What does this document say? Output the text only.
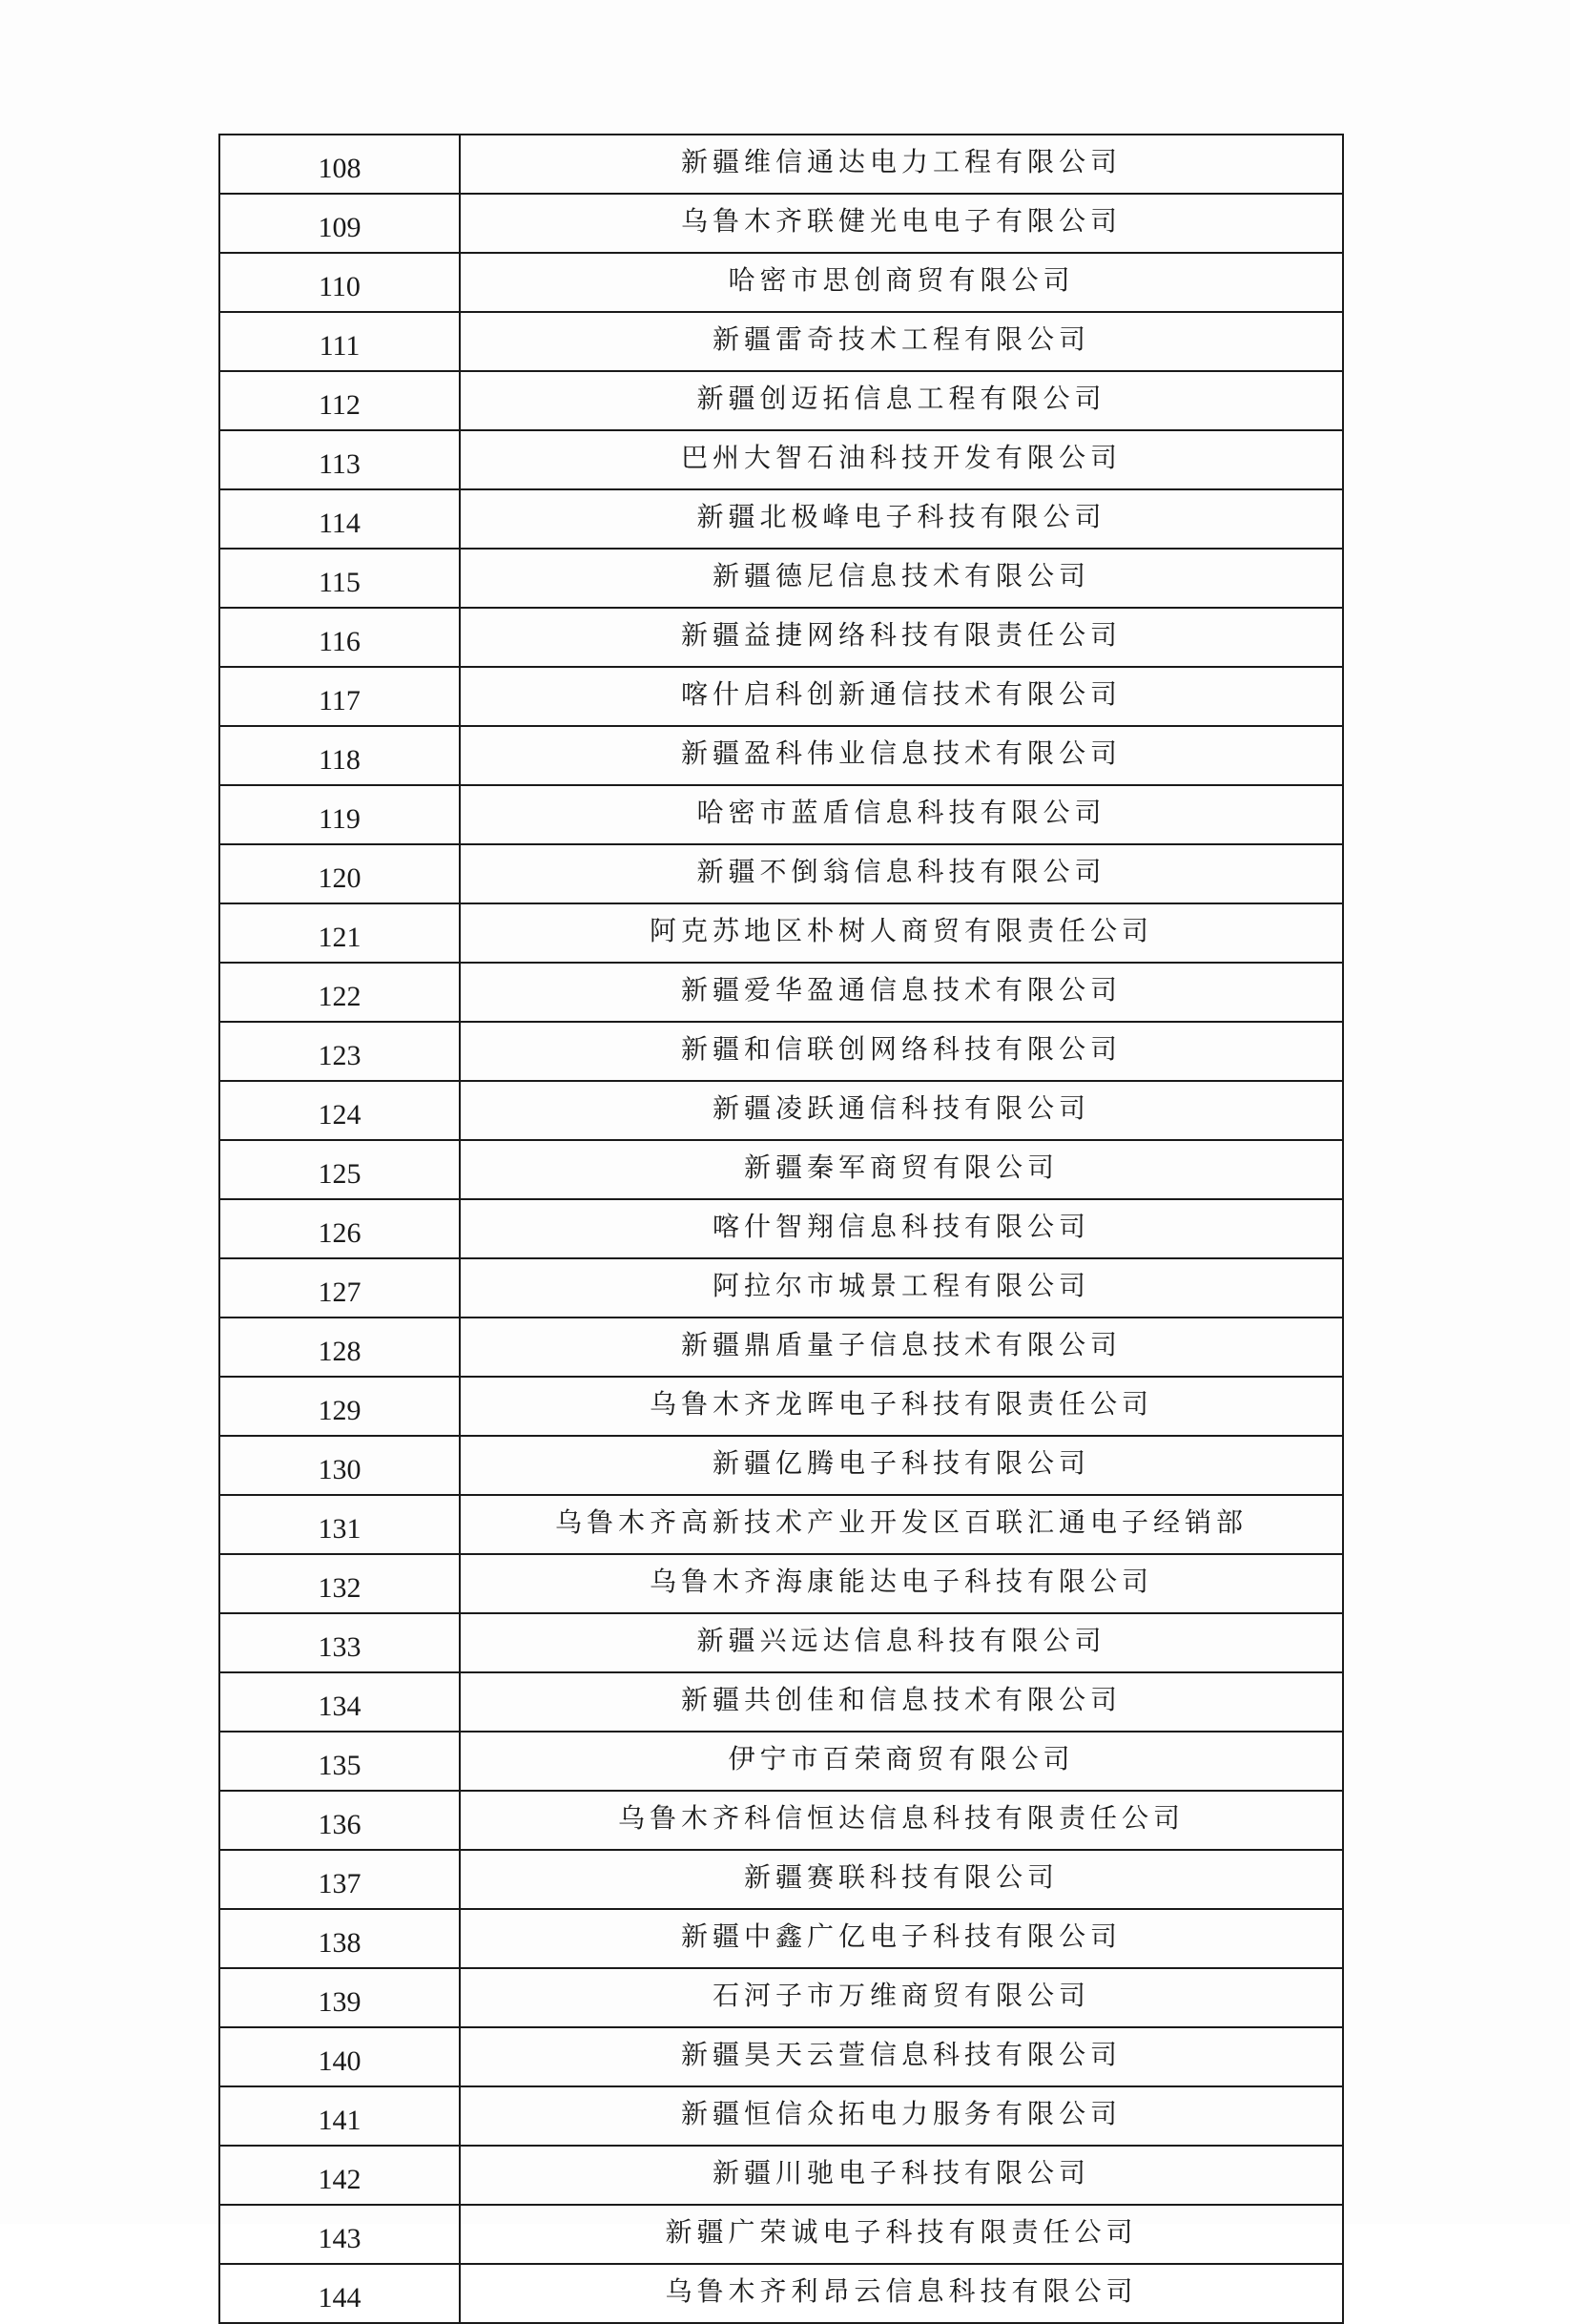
108	新疆维信通达电力工程有限公司
109	乌鲁木齐联健光电电子有限公司
110	哈密市思创商贸有限公司
111	新疆雷奇技术工程有限公司
112	新疆创迈拓信息工程有限公司
113	巴州大智石油科技开发有限公司
114	新疆北极峰电子科技有限公司
115	新疆德尼信息技术有限公司
116	新疆益捷网络科技有限责任公司
117	喀什启科创新通信技术有限公司
118	新疆盈科伟业信息技术有限公司
119	哈密市蓝盾信息科技有限公司
120	新疆不倒翁信息科技有限公司
121	阿克苏地区朴树人商贸有限责任公司
122	新疆爱华盈通信息技术有限公司
123	新疆和信联创网络科技有限公司
124	新疆凌跃通信科技有限公司
125	新疆秦军商贸有限公司
126	喀什智翔信息科技有限公司
127	阿拉尔市城景工程有限公司
128	新疆鼎盾量子信息技术有限公司
129	乌鲁木齐龙晖电子科技有限责任公司
130	新疆亿腾电子科技有限公司
131	乌鲁木齐高新技术产业开发区百联汇通电子经销部
132	乌鲁木齐海康能达电子科技有限公司
133	新疆兴远达信息科技有限公司
134	新疆共创佳和信息技术有限公司
135	伊宁市百荣商贸有限公司
136	乌鲁木齐科信恒达信息科技有限责任公司
137	新疆赛联科技有限公司
138	新疆中鑫广亿电子科技有限公司
139	石河子市万维商贸有限公司
140	新疆昊天云萱信息科技有限公司
141	新疆恒信众拓电力服务有限公司
142	新疆川驰电子科技有限公司
143	新疆广荣诚电子科技有限责任公司
144	乌鲁木齐利昂云信息科技有限公司
